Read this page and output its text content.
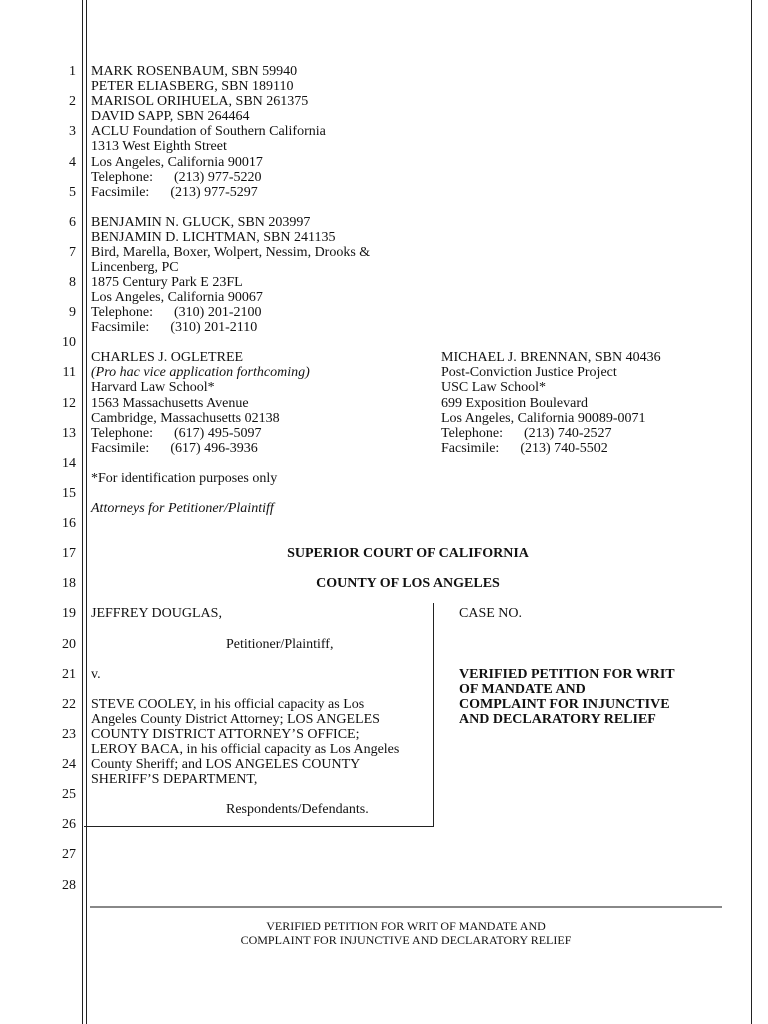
1
2
3
4
5
6
7
8
9
10
11
12
13
14
15
16
17
18
19
20
21
22
23
24
25
26
27
28
MARK ROSENBAUM, SBN 59940
PETER ELIASBERG, SBN 189110
MARISOL ORIHUELA, SBN 261375
DAVID SAPP, SBN 264464
ACLU Foundation of Southern California
1313 West Eighth Street
Los Angeles, California 90017
Telephone:      (213) 977-5220
Facsimile:      (213) 977-5297
BENJAMIN N. GLUCK, SBN 203997
BENJAMIN D. LICHTMAN, SBN 241135
Bird, Marella, Boxer, Wolpert, Nessim, Drooks &
Lincenberg, PC
1875 Century Park E 23FL
Los Angeles, California 90067
Telephone:      (310) 201-2100
Facsimile:      (310) 201-2110
CHARLES J. OGLETREE
(Pro hac vice application forthcoming)
Harvard Law School*
1563 Massachusetts Avenue
Cambridge, Massachusetts 02138
Telephone:      (617) 495-5097
Facsimile:      (617) 496-3936
MICHAEL J. BRENNAN, SBN 40436
Post-Conviction Justice Project
USC Law School*
699 Exposition Boulevard
Los Angeles, California 90089-0071
Telephone:      (213) 740-2527
Facsimile:      (213) 740-5502
*For identification purposes only
Attorneys for Petitioner/Plaintiff
SUPERIOR COURT OF CALIFORNIA
COUNTY OF LOS ANGELES
JEFFREY DOUGLAS,
Petitioner/Plaintiff,
v.
STEVE COOLEY, in his official capacity as Los
Angeles County District Attorney; LOS ANGELES
COUNTY DISTRICT ATTORNEY’S OFFICE;
LEROY BACA, in his official capacity as Los Angeles
County Sheriff; and LOS ANGELES COUNTY
SHERIFF’S DEPARTMENT,
Respondents/Defendants.
CASE NO.
VERIFIED PETITION FOR WRIT
OF MANDATE AND
COMPLAINT FOR INJUNCTIVE
AND DECLARATORY RELIEF
VERIFIED PETITION FOR WRIT OF MANDATE AND
COMPLAINT FOR INJUNCTIVE AND DECLARATORY RELIEF
